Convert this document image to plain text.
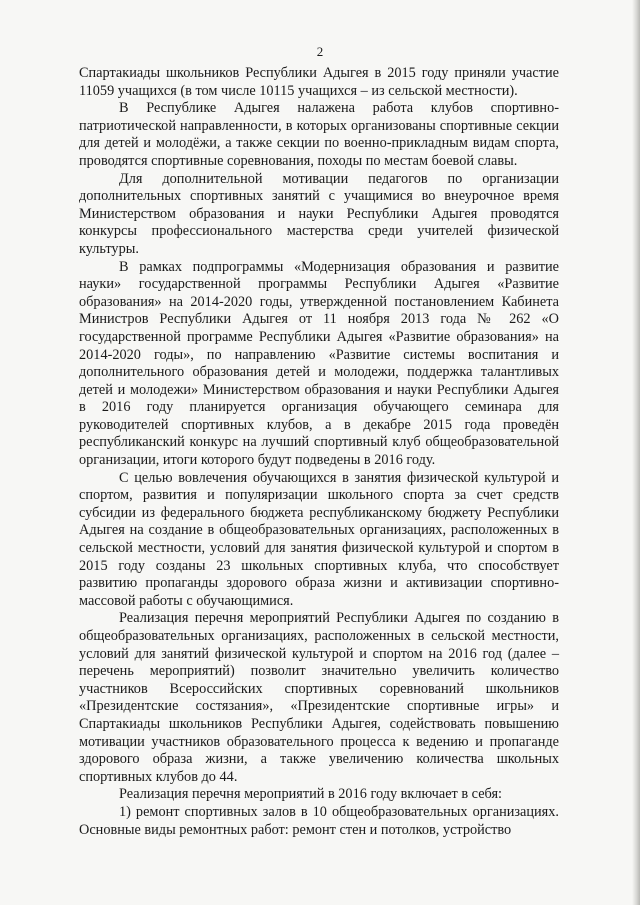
2

Спартакиады школьников Республики Адыгея в 2015 году приняли участие 11059 учащихся (в том числе 10115 учащихся – из сельской местности).

В Республике Адыгея налажена работа клубов спортивно-патриотической направленности, в которых организованы спортивные секции для детей и молодёжи, а также секции по военно-прикладным видам спорта, проводятся спортивные соревнования, походы по местам боевой славы.

Для дополнительной мотивации педагогов по организации дополнительных спортивных занятий с учащимися во внеурочное время Министерством образования и науки Республики Адыгея проводятся конкурсы профессионального мастерства среди учителей физической культуры.

В рамках подпрограммы «Модернизация образования и развитие науки» государственной программы Республики Адыгея «Развитие образования» на 2014-2020 годы, утвержденной постановлением Кабинета Министров Республики Адыгея от 11 ноября 2013 года № 262 «О государственной программе Республики Адыгея «Развитие образования» на 2014-2020 годы», по направлению «Развитие системы воспитания и дополнительного образования детей и молодежи, поддержка талантливых детей и молодежи» Министерством образования и науки Республики Адыгея в 2016 году планируется организация обучающего семинара для руководителей спортивных клубов, а в декабре 2015 года проведён республиканский конкурс на лучший спортивный клуб общеобразовательной организации, итоги которого будут подведены в 2016 году.

С целью вовлечения обучающихся в занятия физической культурой и спортом, развития и популяризации школьного спорта за счет средств субсидии из федерального бюджета республиканскому бюджету Республики Адыгея на создание в общеобразовательных организациях, расположенных в сельской местности, условий для занятия физической культурой и спортом в 2015 году созданы 23 школьных спортивных клуба, что способствует развитию пропаганды здорового образа жизни и активизации спортивно-массовой работы с обучающимися.

Реализация перечня мероприятий Республики Адыгея по созданию в общеобразовательных организациях, расположенных в сельской местности, условий для занятий физической культурой и спортом на 2016 год (далее – перечень мероприятий) позволит значительно увеличить количество участников Всероссийских спортивных соревнований школьников «Президентские состязания», «Президентские спортивные игры» и Спартакиады школьников Республики Адыгея, содействовать повышению мотивации участников образовательного процесса к ведению и пропаганде здорового образа жизни, а также увеличению количества школьных спортивных клубов до 44.

Реализация перечня мероприятий в 2016 году включает в себя:

1) ремонт спортивных залов в 10 общеобразовательных организациях. Основные виды ремонтных работ: ремонт стен и потолков, устройство
